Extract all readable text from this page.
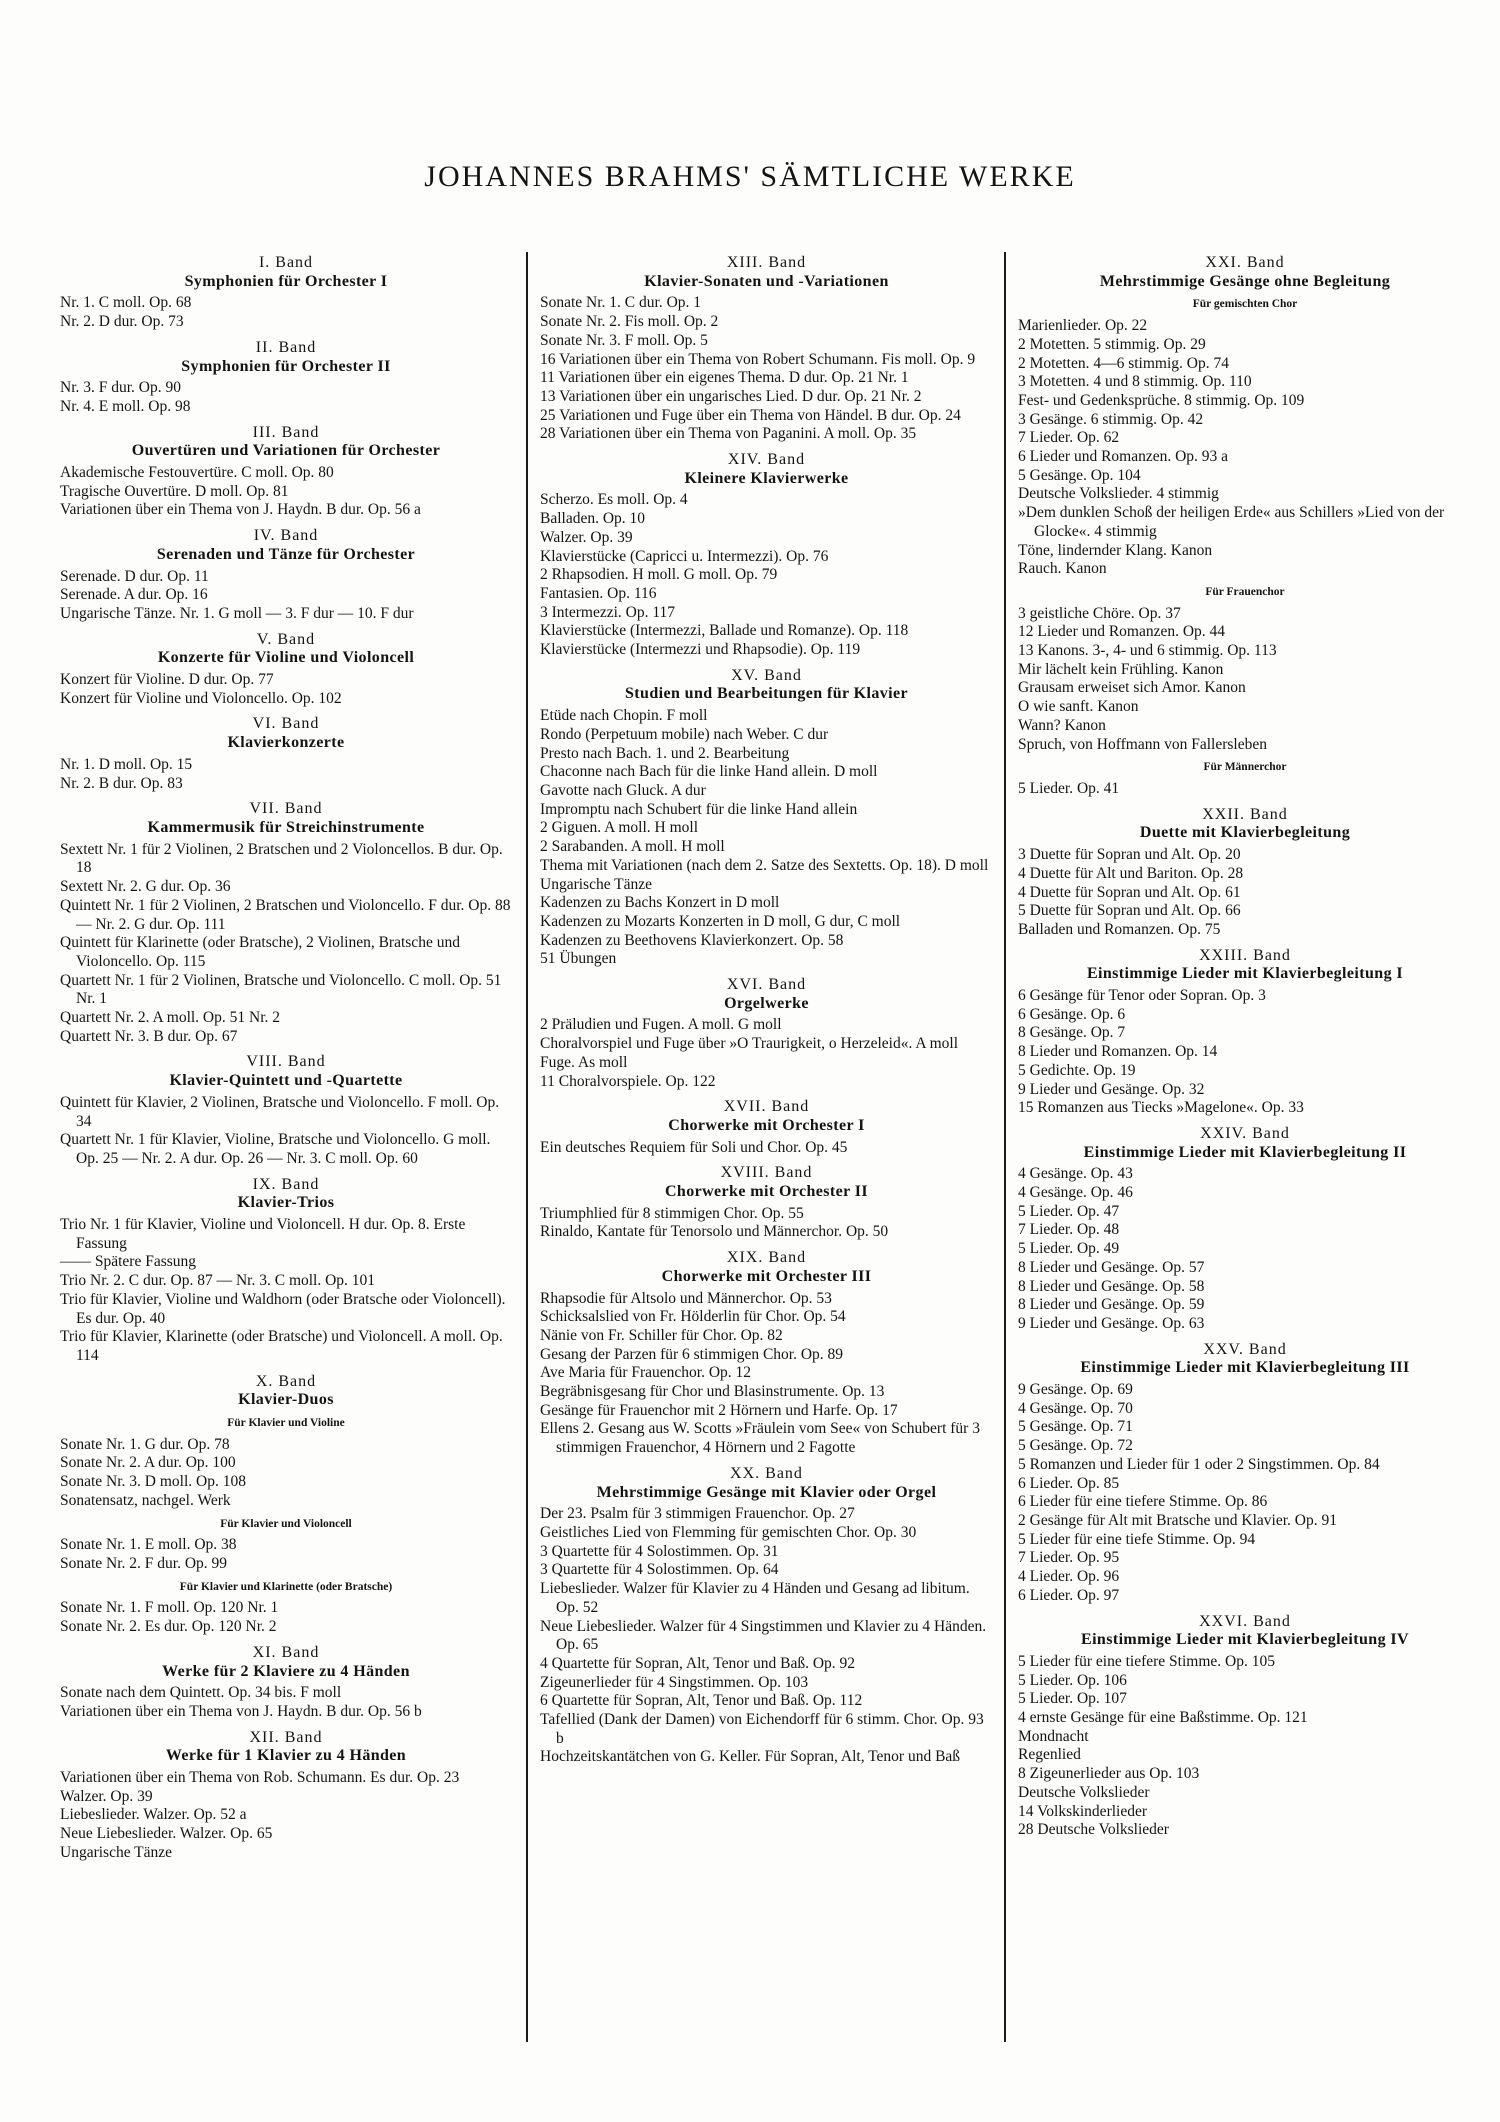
JOHANNES BRAHMS' SÄMTLICHE WERKE
I. Band
Symphonien für Orchester I
Nr. 1. C moll. Op. 68
Nr. 2. D dur. Op. 73
II. Band
Symphonien für Orchester II
Nr. 3. F dur. Op. 90
Nr. 4. E moll. Op. 98
III. Band
Ouvertüren und Variationen für Orchester
Akademische Festouvertüre. C moll. Op. 80
Tragische Ouvertüre. D moll. Op. 81
Variationen über ein Thema von J. Haydn. B dur. Op. 56 a
IV. Band
Serenaden und Tänze für Orchester
Serenade. D dur. Op. 11
Serenade. A dur. Op. 16
Ungarische Tänze. Nr. 1. G moll — 3. F dur — 10. F dur
V. Band
Konzerte für Violine und Violoncell
Konzert für Violine. D dur. Op. 77
Konzert für Violine und Violoncello. Op. 102
VI. Band
Klavierkonzerte
Nr. 1. D moll. Op. 15
Nr. 2. B dur. Op. 83
VII. Band
Kammermusik für Streichinstrumente
Sextett Nr. 1 für 2 Violinen, 2 Bratschen und 2 Violoncellos. B dur. Op. 18
Sextett Nr. 2. G dur. Op. 36
Quintett Nr. 1 für 2 Violinen, 2 Bratschen und Violoncello. F dur. Op. 88 — Nr. 2. G dur. Op. 111
Quintett für Klarinette (oder Bratsche), 2 Violinen, Bratsche und Violoncello. Op. 115
Quartett Nr. 1 für 2 Violinen, Bratsche und Violoncello. C moll. Op. 51 Nr. 1
Quartett Nr. 2. A moll. Op. 51 Nr. 2
Quartett Nr. 3. B dur. Op. 67
VIII. Band
Klavier-Quintett und -Quartette
Quintett für Klavier, 2 Violinen, Bratsche und Violoncello. F moll. Op. 34
Quartett Nr. 1 für Klavier, Violine, Bratsche und Violoncello. G moll. Op. 25 — Nr. 2. A dur. Op. 26 — Nr. 3. C moll. Op. 60
IX. Band
Klavier-Trios
Trio Nr. 1 für Klavier, Violine und Violoncell. H dur. Op. 8. Erste Fassung
—— Spätere Fassung
Trio Nr. 2. C dur. Op. 87 — Nr. 3. C moll. Op. 101
Trio für Klavier, Violine und Waldhorn (oder Bratsche oder Violoncell). Es dur. Op. 40
Trio für Klavier, Klarinette (oder Bratsche) und Violoncell. A moll. Op. 114
X. Band
Klavier-Duos
Für Klavier und Violine
Sonate Nr. 1. G dur. Op. 78
Sonate Nr. 2. A dur. Op. 100
Sonate Nr. 3. D moll. Op. 108
Sonatensatz, nachgel. Werk
Für Klavier und Violoncell
Sonate Nr. 1. E moll. Op. 38
Sonate Nr. 2. F dur. Op. 99
Für Klavier und Klarinette (oder Bratsche)
Sonate Nr. 1. F moll. Op. 120 Nr. 1
Sonate Nr. 2. Es dur. Op. 120 Nr. 2
XI. Band
Werke für 2 Klaviere zu 4 Händen
Sonate nach dem Quintett. Op. 34 bis. F moll
Variationen über ein Thema von J. Haydn. B dur. Op. 56 b
XII. Band
Werke für 1 Klavier zu 4 Händen
Variationen über ein Thema von Rob. Schumann. Es dur. Op. 23
Walzer. Op. 39
Liebeslieder. Walzer. Op. 52 a
Neue Liebeslieder. Walzer. Op. 65
Ungarische Tänze
XIII. Band
Klavier-Sonaten und -Variationen
Sonate Nr. 1. C dur. Op. 1
Sonate Nr. 2. Fis moll. Op. 2
Sonate Nr. 3. F moll. Op. 5
16 Variationen über ein Thema von Robert Schumann. Fis moll. Op. 9
11 Variationen über ein eigenes Thema. D dur. Op. 21 Nr. 1
13 Variationen über ein ungarisches Lied. D dur. Op. 21 Nr. 2
25 Variationen und Fuge über ein Thema von Händel. B dur. Op. 24
28 Variationen über ein Thema von Paganini. A moll. Op. 35
XIV. Band
Kleinere Klavierwerke
Scherzo. Es moll. Op. 4
Balladen. Op. 10
Walzer. Op. 39
Klavierstücke (Capricci u. Intermezzi). Op. 76
2 Rhapsodien. H moll. G moll. Op. 79
Fantasien. Op. 116
3 Intermezzi. Op. 117
Klavierstücke (Intermezzi, Ballade und Romanze). Op. 118
Klavierstücke (Intermezzi und Rhapsodie). Op. 119
XV. Band
Studien und Bearbeitungen für Klavier
Etüde nach Chopin. F moll
Rondo (Perpetuum mobile) nach Weber. C dur
Presto nach Bach. 1. und 2. Bearbeitung
Chaconne nach Bach für die linke Hand allein. D moll
Gavotte nach Gluck. A dur
Impromptu nach Schubert für die linke Hand allein
2 Giguen. A moll. H moll
2 Sarabanden. A moll. H moll
Thema mit Variationen (nach dem 2. Satze des Sextetts. Op. 18). D moll
Ungarische Tänze
Kadenzen zu Bachs Konzert in D moll
Kadenzen zu Mozarts Konzerten in D moll, G dur, C moll
Kadenzen zu Beethovens Klavierkonzert. Op. 58
51 Übungen
XVI. Band
Orgelwerke
2 Präludien und Fugen. A moll. G moll
Choralvorspiel und Fuge über »O Traurigkeit, o Herzeleid«. A moll
Fuge. As moll
11 Choralvorspiele. Op. 122
XVII. Band
Chorwerke mit Orchester I
Ein deutsches Requiem für Soli und Chor. Op. 45
XVIII. Band
Chorwerke mit Orchester II
Triumphlied für 8 stimmigen Chor. Op. 55
Rinaldo, Kantate für Tenorsolo und Männerchor. Op. 50
XIX. Band
Chorwerke mit Orchester III
Rhapsodie für Altsolo und Männerchor. Op. 53
Schicksalslied von Fr. Hölderlin für Chor. Op. 54
Nänie von Fr. Schiller für Chor. Op. 82
Gesang der Parzen für 6 stimmigen Chor. Op. 89
Ave Maria für Frauenchor. Op. 12
Begräbnisgesang für Chor und Blasinstrumente. Op. 13
Gesänge für Frauenchor mit 2 Hörnern und Harfe. Op. 17
Ellens 2. Gesang aus W. Scotts »Fräulein vom See« von Schubert für 3 stimmigen Frauenchor, 4 Hörnern und 2 Fagotte
XX. Band
Mehrstimmige Gesänge mit Klavier oder Orgel
Der 23. Psalm für 3 stimmigen Frauenchor. Op. 27
Geistliches Lied von Flemming für gemischten Chor. Op. 30
3 Quartette für 4 Solostimmen. Op. 31
3 Quartette für 4 Solostimmen. Op. 64
Liebeslieder. Walzer für Klavier zu 4 Händen und Gesang ad libitum. Op. 52
Neue Liebeslieder. Walzer für 4 Singstimmen und Klavier zu 4 Händen. Op. 65
4 Quartette für Sopran, Alt, Tenor und Baß. Op. 92
Zigeunerlieder für 4 Singstimmen. Op. 103
6 Quartette für Sopran, Alt, Tenor und Baß. Op. 112
Tafellied (Dank der Damen) von Eichendorff für 6 stimm. Chor. Op. 93 b
Hochzeitskantätchen von G. Keller. Für Sopran, Alt, Tenor und Baß
XXI. Band
Mehrstimmige Gesänge ohne Begleitung
Für gemischten Chor
Marienlieder. Op. 22
2 Motetten. 5 stimmig. Op. 29
2 Motetten. 4—6 stimmig. Op. 74
3 Motetten. 4 und 8 stimmig. Op. 110
Fest- und Gedenksprüche. 8 stimmig. Op. 109
3 Gesänge. 6 stimmig. Op. 42
7 Lieder. Op. 62
6 Lieder und Romanzen. Op. 93 a
5 Gesänge. Op. 104
Deutsche Volkslieder. 4 stimmig
»Dem dunklen Schoß der heiligen Erde« aus Schillers »Lied von der Glocke«. 4 stimmig
Töne, lindernder Klang. Kanon
Rauch. Kanon
Für Frauenchor
3 geistliche Chöre. Op. 37
12 Lieder und Romanzen. Op. 44
13 Kanons. 3-, 4- und 6 stimmig. Op. 113
Mir lächelt kein Frühling. Kanon
Grausam erweiset sich Amor. Kanon
O wie sanft. Kanon
Wann? Kanon
Spruch, von Hoffmann von Fallersleben
Für Männerchor
5 Lieder. Op. 41
XXII. Band
Duette mit Klavierbegleitung
3 Duette für Sopran und Alt. Op. 20
4 Duette für Alt und Bariton. Op. 28
4 Duette für Sopran und Alt. Op. 61
5 Duette für Sopran und Alt. Op. 66
Balladen und Romanzen. Op. 75
XXIII. Band
Einstimmige Lieder mit Klavierbegleitung I
6 Gesänge für Tenor oder Sopran. Op. 3
6 Gesänge. Op. 6
8 Gesänge. Op. 7
8 Lieder und Romanzen. Op. 14
5 Gedichte. Op. 19
9 Lieder und Gesänge. Op. 32
15 Romanzen aus Tiecks »Magelone«. Op. 33
XXIV. Band
Einstimmige Lieder mit Klavierbegleitung II
4 Gesänge. Op. 43
4 Gesänge. Op. 46
5 Lieder. Op. 47
7 Lieder. Op. 48
5 Lieder. Op. 49
8 Lieder und Gesänge. Op. 57
8 Lieder und Gesänge. Op. 58
8 Lieder und Gesänge. Op. 59
9 Lieder und Gesänge. Op. 63
XXV. Band
Einstimmige Lieder mit Klavierbegleitung III
9 Gesänge. Op. 69
4 Gesänge. Op. 70
5 Gesänge. Op. 71
5 Gesänge. Op. 72
5 Romanzen und Lieder für 1 oder 2 Singstimmen. Op. 84
6 Lieder. Op. 85
6 Lieder für eine tiefere Stimme. Op. 86
2 Gesänge für Alt mit Bratsche und Klavier. Op. 91
5 Lieder für eine tiefe Stimme. Op. 94
7 Lieder. Op. 95
4 Lieder. Op. 96
6 Lieder. Op. 97
XXVI. Band
Einstimmige Lieder mit Klavierbegleitung IV
5 Lieder für eine tiefere Stimme. Op. 105
5 Lieder. Op. 106
5 Lieder. Op. 107
4 ernste Gesänge für eine Baßstimme. Op. 121
Mondnacht
Regenlied
8 Zigeunerlieder aus Op. 103
Deutsche Volkslieder
14 Volkskinderlieder
28 Deutsche Volkslieder
